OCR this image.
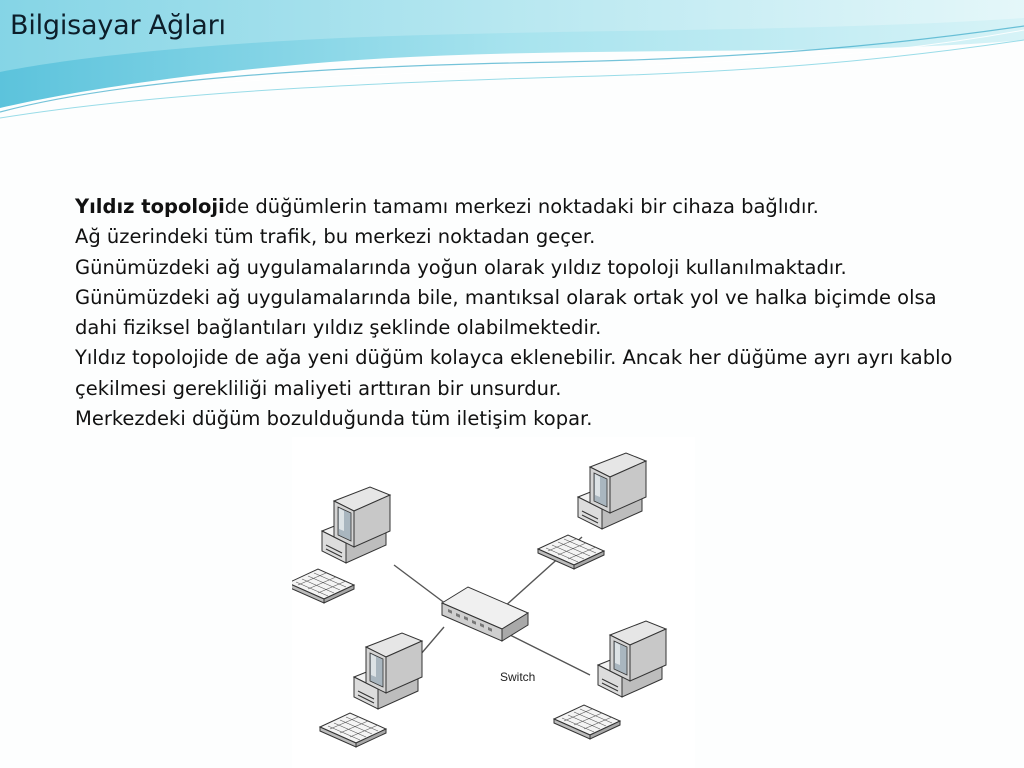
Bilgisayar Ağları

Yıldız topolojide düğümlerin tamamı merkezi noktadaki bir cihaza bağlıdır.

Ağ üzerindeki tüm trafik, bu merkezi noktadan geçer.

Günümüzdeki ağ uygulamalarında yoğun olarak yıldız topoloji kullanılmaktadır.

Günümüzdeki ağ uygulamalarında bile, mantıksal olarak ortak yol ve halka biçimde olsa dahi fiziksel bağlantıları yıldız şeklinde olabilmektedir.

Yıldız topolojide de ağa yeni düğüm kolayca eklenebilir. Ancak her düğüme ayrı ayrı kablo çekilmesi gerekliliği maliyeti arttıran bir unsurdur.

Merkezdeki düğüm bozulduğunda tüm iletişim kopar.

Switch
